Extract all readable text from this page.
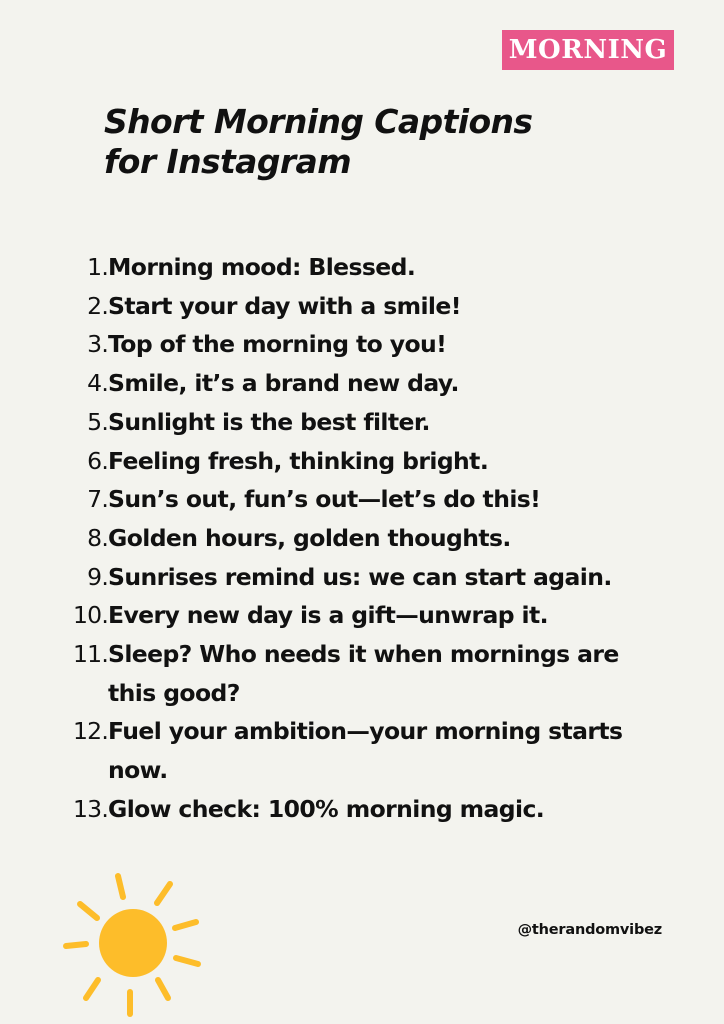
MORNING
Short Morning Captions
for Instagram
1. Morning mood: Blessed.
2. Start your day with a smile!
3. Top of the morning to you!
4. Smile, it’s a brand new day.
5. Sunlight is the best filter.
6. Feeling fresh, thinking bright.
7. Sun’s out, fun’s out—let’s do this!
8. Golden hours, golden thoughts.
9. Sunrises remind us: we can start again.
10. Every new day is a gift—unwrap it.
11. Sleep? Who needs it when mornings are this good?
12. Fuel your ambition—your morning starts now.
13. Glow check: 100% morning magic.
@therandomvibez
